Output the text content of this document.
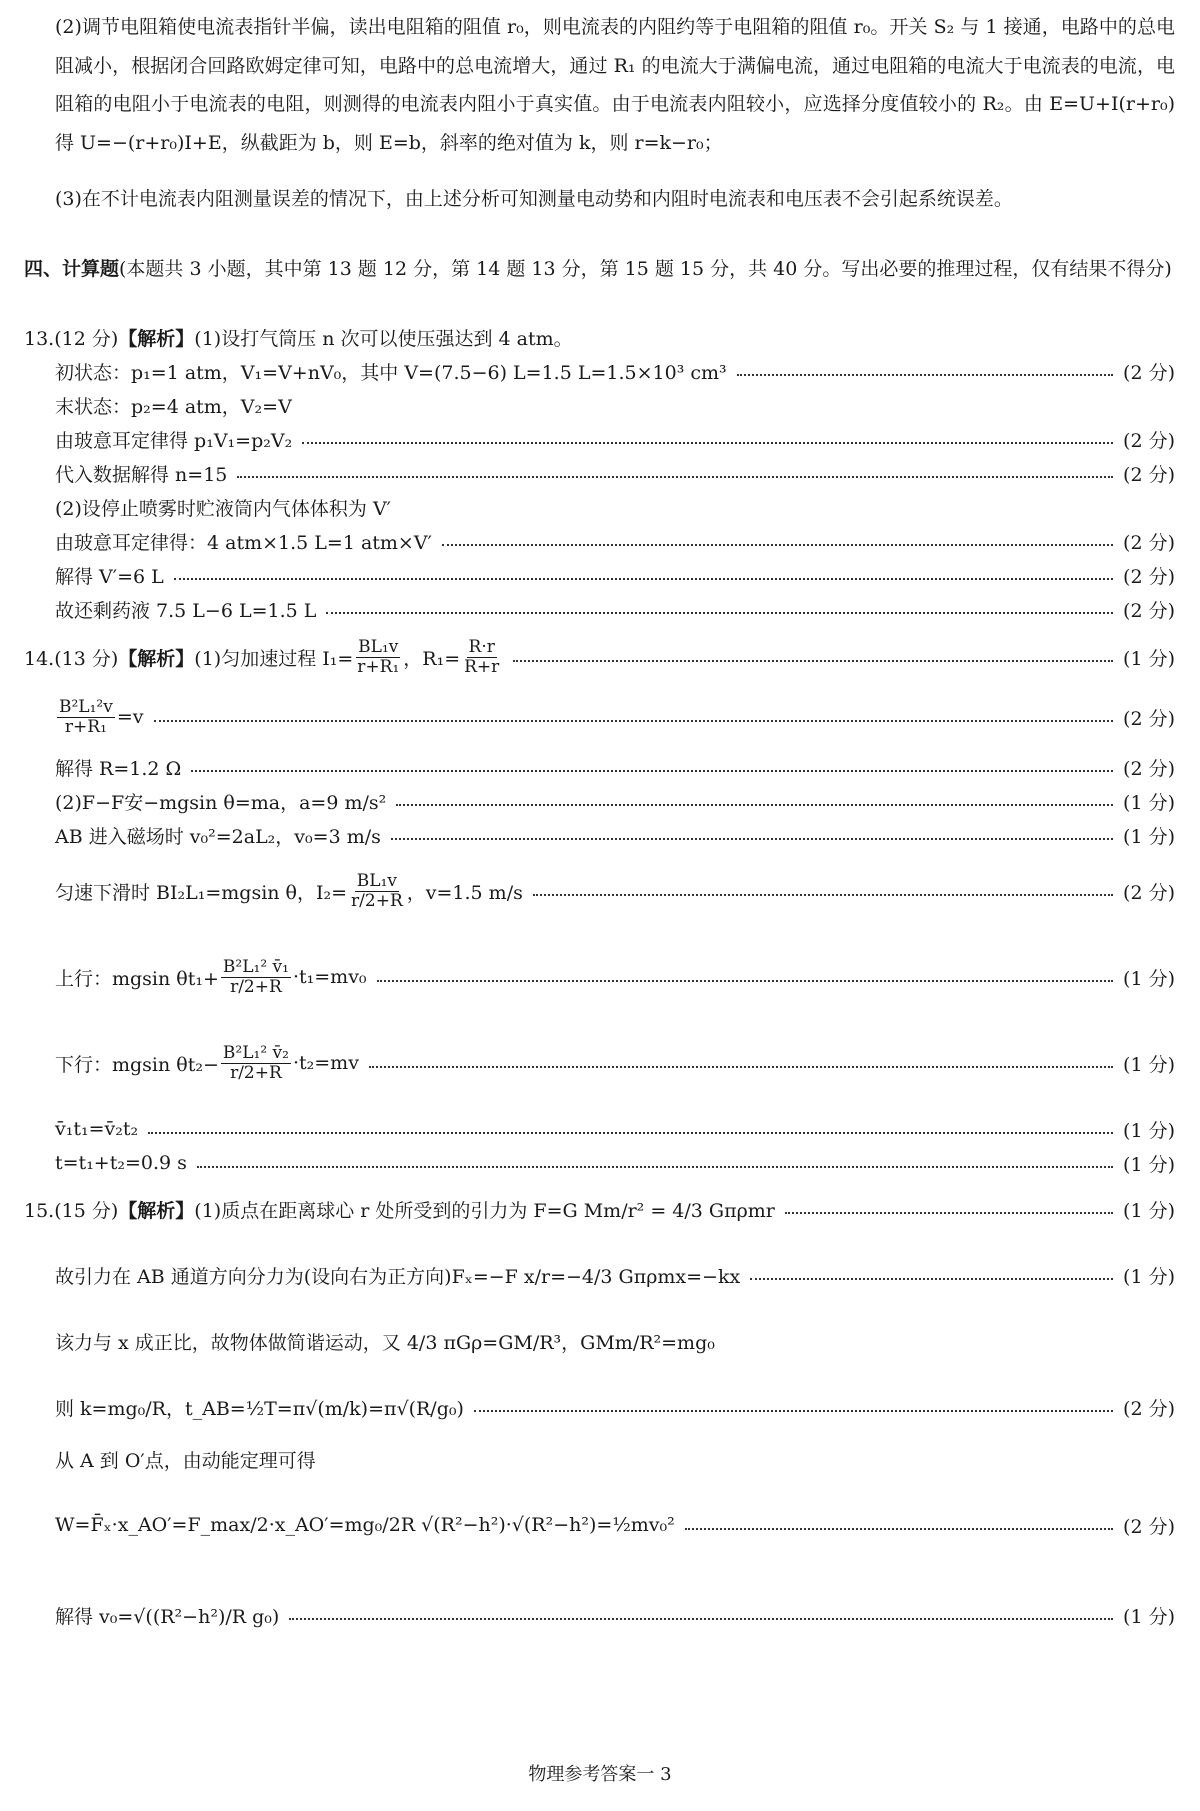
(2)调节电阻箱使电流表指针半偏，读出电阻箱的阻值 r₀，则电流表的内阻约等于电阻箱的阻值 r₀。开关 S₂ 与 1 接通，电路中的总电阻减小，根据闭合回路欧姆定律可知，电路中的总电流增大，通过 R₁ 的电流大于满偏电流，通过电阻箱的电流大于电流表的电流，电阻箱的电阻小于电流表的电阻，则测得的电流表内阻小于真实值。由于电流表内阻较小，应选择分度值较小的 R₂。由 E=U+I(r+r₀) 得 U=−(r+r₀)I+E，纵截距为 b，则 E=b，斜率的绝对值为 k，则 r=k−r₀；
(3)在不计电流表内阻测量误差的情况下，由上述分析可知测量电动势和内阻时电流表和电压表不会引起系统误差。
四、计算题(本题共 3 小题，其中第 13 题 12 分，第 14 题 13 分，第 15 题 15 分，共 40 分。写出必要的推理过程，仅有结果不得分)
13.(12 分) 【解析】 (1)设打气筒压 n 次可以使压强达到 4 atm。
初状态：p₁=1 atm，V₁=V+nV₀，其中 V=(7.5−6) L=1.5 L=1.5×10³ cm³	(2 分)
末状态：p₂=4 atm，V₂=V
由玻意耳定律得 p₁V₁=p₂V₂	(2 分)
代入数据解得 n=15	(2 分)
(2)设停止喷雾时贮液筒内气体体积为 V′
由玻意耳定律得：4 atm×1.5 L=1 atm×V′	(2 分)
解得 V′=6 L	(2 分)
故还剩药液 7.5 L−6 L=1.5 L	(2 分)
14.(13 分) 【解析】 (1)匀加速过程 $I_1= \frac{\text{BL₁v}}{\text{r+R₁}}$ ，$R_1= \frac{R\cdot r}{R+r}$	(1 分)
$\frac{\text{B²L₁²v}}{\text{r+R₁}} =v$	(2 分)
解得 R=1.2 Ω	(2 分)
(2)F−F安−mgsin θ=ma，a=9 m/s²	(1 分)
AB 进入磁场时 v₀²=2aL₂，v₀=3 m/s	(1 分)
匀速下滑时 BI₂L₁=mgsin θ，$I_2= \frac{\text{BL₁v}}{r/2+R}$ ，v=1.5 m/s	(2 分)
上行：mgsin $\theta t_1+ \frac{\text{B²L₁² v̄₁}}{r/2+R} \cdot t_1=mv_0$	(1 分)
下行：mgsin $\theta t_2- \frac{\text{B²L₁² v̄₂}}{r/2+R} \cdot t_2=mv$	(1 分)
v̄₁t₁=v̄₂t₂	(1 分)
t=t₁+t₂=0.9 s	(1 分)
15.(15 分) 【解析】 (1)质点在距离球心 r 处所受到的引力为 F=G Mm/r² = 4/3 Gπρmr	(1 分)
故引力在 AB 通道方向分力为(设向右为正方向)Fₓ=−F x/r=−4/3 Gπρmx=−kx	(1 分)
该力与 x 成正比，故物体做简谐运动，又 4/3 πGρ=GM/R³，GMm/R²=mg₀
则 k=mg₀/R，t_AB=½T=π√(m/k)=π√(R/g₀)	(2 分)
从 A 到 O′点，由动能定理可得
W=F̄ₓ·x_AO′=F_max/2·x_AO′=mg₀/2R √(R²−h²)·√(R²−h²)=½mv₀²	(2 分)
解得 v₀=√((R²−h²)/R g₀)	(1 分)
物理参考答案一 3
